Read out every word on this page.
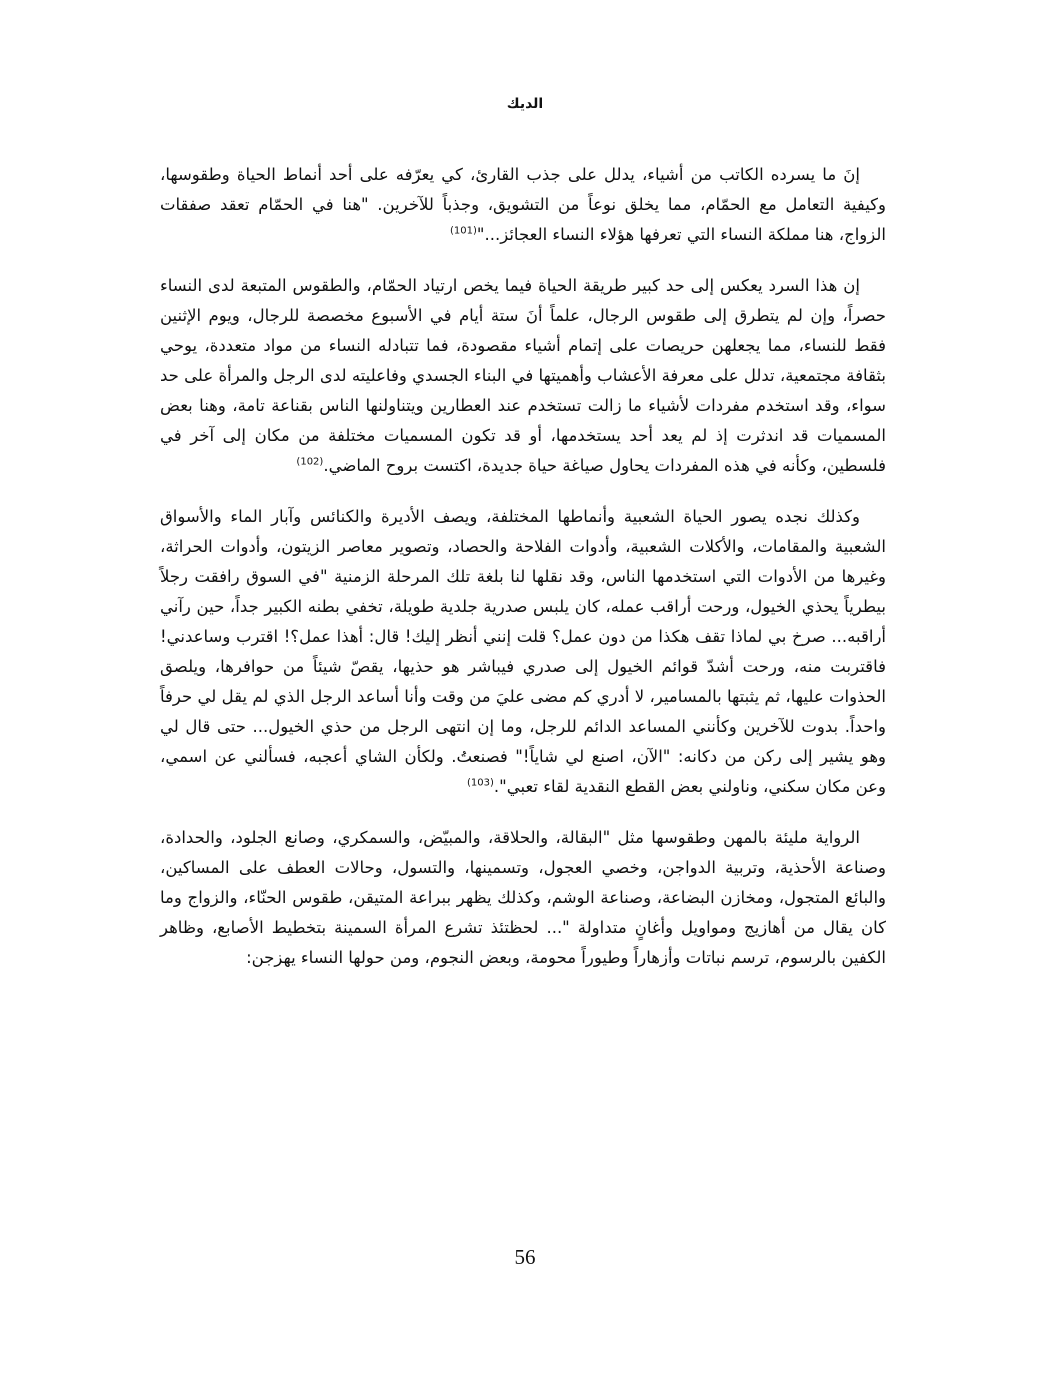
الديك

إنَ ما يسرده الكاتب من أشياء، يدلل على جذب القارئ، كي يعرّفه على أحد أنماط الحياة وطقوسها، وكيفية التعامل مع الحمّام، مما يخلق نوعاً من التشويق، وجذباً للآخرين. "هنا في الحمّام تعقد صفقات الزواج، هنا مملكة النساء التي تعرفها هؤلاء النساء العجائز..."$^{(101)}$

إن هذا السرد يعكس إلى حد كبير طريقة الحياة فيما يخص ارتياد الحمّام، والطقوس المتبعة لدى النساء حصراً، وإن لم يتطرق إلى طقوس الرجال، علماً أنَ ستة أيام في الأسبوع مخصصة للرجال، ويوم الإثنين فقط للنساء، مما يجعلهن حريصات على إتمام أشياء مقصودة، فما تتبادله النساء من مواد متعددة، يوحي بثقافة مجتمعية، تدلل على معرفة الأعشاب وأهميتها في البناء الجسدي وفاعليته لدى الرجل والمرأة على حد سواء، وقد استخدم مفردات لأشياء ما زالت تستخدم عند العطارين ويتناولنها الناس بقناعة تامة، وهنا بعض المسميات قد اندثرت إذ لم يعد أحد يستخدمها، أو قد تكون المسميات مختلفة من مكان إلى آخر في فلسطين، وكأنه في هذه المفردات يحاول صياغة حياة جديدة، اكتست بروح الماضي.$^{(102)}$

وكذلك نجده يصور الحياة الشعبية وأنماطها المختلفة، ويصف الأديرة والكنائس وآبار الماء والأسواق الشعبية والمقامات، والأكلات الشعبية، وأدوات الفلاحة والحصاد، وتصوير معاصر الزيتون، وأدوات الحراثة، وغيرها من الأدوات التي استخدمها الناس، وقد نقلها لنا بلغة تلك المرحلة الزمنية "في السوق رافقت رجلاً بيطرياً يحذي الخيول، ورحت أراقب عمله، كان يلبس صدرية جلدية طويلة، تخفي بطنه الكبير جداً، حين رآني أراقبه... صرخ بي لماذا تقف هكذا من دون عمل؟ قلت إنني أنظر إليك! قال: أهذا عمل؟! اقترب وساعدني! فاقتربت منه، ورحت أشدّ قوائم الخيول إلى صدري فيباشر هو حذيها، يقصّ شيئاً من حوافرها، ويلصق الحذوات عليها، ثم يثبتها بالمسامير، لا أدري كم مضى عليَ من وقت وأنا أساعد الرجل الذي لم يقل لي حرفاً واحداً. بدوت للآخرين وكأنني المساعد الدائم للرجل، وما إن انتهى الرجل من حذي الخيول... حتى قال لي وهو يشير إلى ركن من دكانه: "الآن، اصنع لي شاياً!" فصنعتُ. ولكأن الشاي أعجبه، فسألني عن اسمي، وعن مكان سكني، وناولني بعض القطع النقدية لقاء تعبي".$^{(103)}$

الرواية مليئة بالمهن وطقوسها مثل "البقالة، والحلاقة، والمبيّض، والسمكري، وصانع الجلود، والحدادة، وصناعة الأحذية، وتربية الدواجن، وخصي العجول، وتسمينها، والتسول، وحالات العطف على المساكين، والبائع المتجول، ومخازن البضاعة، وصناعة الوشم، وكذلك يظهر ببراعة المتيقن، طقوس الحنّاء، والزواج وما كان يقال من أهازيج ومواويل وأغانٍ متداولة "... لحظتئذ تشرع المرأة السمينة بتخطيط الأصابع، وظاهر الكفين بالرسوم، ترسم نباتات وأزهاراً وطيوراً محومة، وبعض النجوم، ومن حولها النساء يهزجن:

56
